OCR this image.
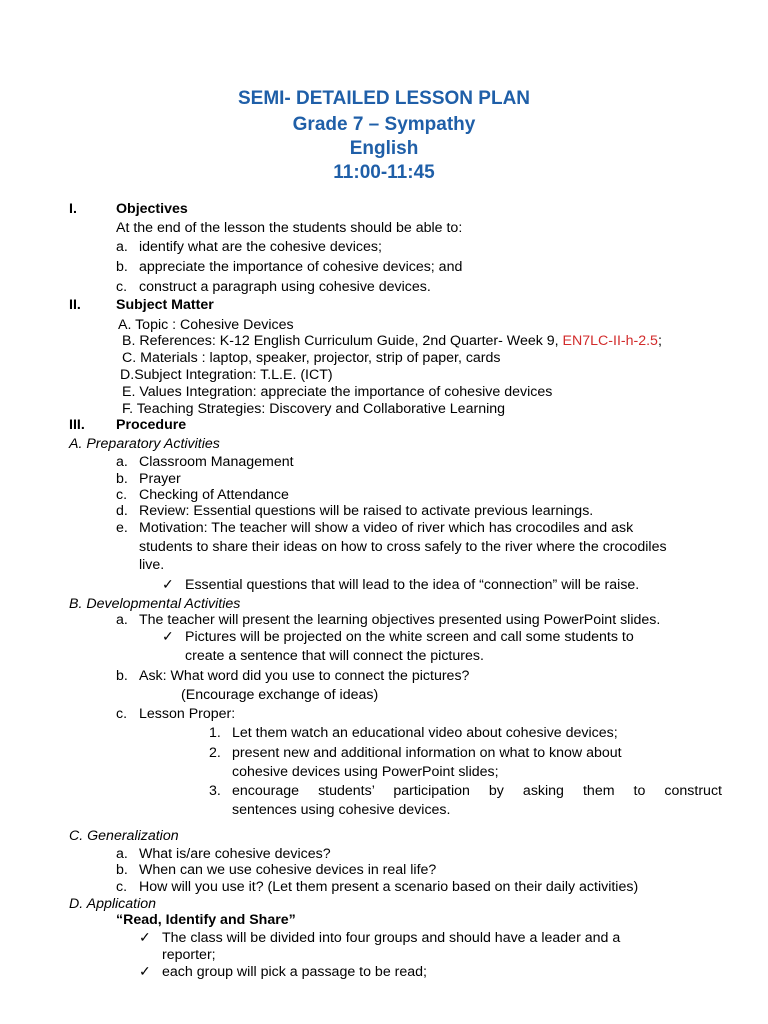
SEMI- DETAILED LESSON PLAN
Grade 7 – Sympathy
English
11:00-11:45
I.	Objectives
At the end of the lesson the students should be able to:
a. identify what are the cohesive devices;
b. appreciate the importance of cohesive devices; and
c. construct a paragraph using cohesive devices.
II. Subject Matter
A. Topic : Cohesive Devices
B. References: K-12 English Curriculum Guide, 2nd Quarter- Week 9, EN7LC-II-h-2.5;
C. Materials : laptop, speaker, projector, strip of paper, cards
D.Subject Integration: T.L.E. (ICT)
E. Values Integration: appreciate the importance of cohesive devices
F. Teaching Strategies: Discovery and Collaborative Learning
III. Procedure
A. Preparatory Activities
a. Classroom Management
b. Prayer
c. Checking of Attendance
d. Review: Essential questions will be raised to activate previous learnings.
e. Motivation: The teacher will show a video of river which has crocodiles and ask
students to share their ideas on how to cross safely to the river where the crocodiles
live.
✓ Essential questions that will lead to the idea of “connection” will be raise.
B. Developmental Activities
a. The teacher will present the learning objectives presented using PowerPoint slides.
✓ Pictures will be projected on the white screen and call some students to
create a sentence that will connect the pictures.
b. Ask: What word did you use to connect the pictures?
(Encourage exchange of ideas)
c. Lesson Proper:
1. Let them watch an educational video about cohesive devices;
2. present new and additional information on what to know about
cohesive devices using PowerPoint slides;
3. encourage students’ participation by asking them to construct
sentences using cohesive devices.
C. Generalization
a. What is/are cohesive devices?
b. When can we use cohesive devices in real life?
c. How will you use it? (Let them present a scenario based on their daily activities)
D. Application
“Read, Identify and Share”
✓ The class will be divided into four groups and should have a leader and a
reporter;
✓ each group will pick a passage to be read;
